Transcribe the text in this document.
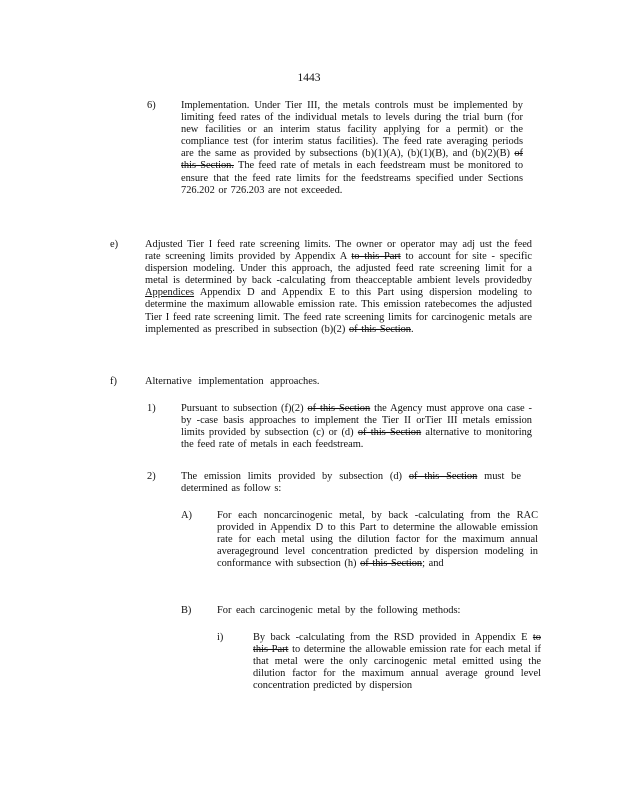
1443
6) Implementation. Under Tier III, the metals controls must be implemented by limiting feed rates of the individual metals to levels during the trial burn (for new facilities or an interim status facility applying for a permit) or the compliance test (for interim status facilities). The feed rate averaging periods are the same as provided by subsections (b)(1)(A), (b)(1)(B), and (b)(2)(B) of this Section. The feed rate of metals in each feedstream must be monitored to ensure that the feed rate limits for the feedstreams specified under Sections 726.202 or 726.203 are not exceeded.

e)	Adjusted Tier I feed rate screening limits. The owner or operator may adj ust the feed rate screening limits provided by Appendix A to this Part to account for site - specific dispersion modeling. Under this approach, the adjusted feed rate screening limit for a metal is determined by back -calculating from theacceptable ambient levels providedby Appendices Appendix D and Appendix E to this Part using dispersion modeling to determine the maximum allowable emission rate. This emission ratebecomes the adjusted Tier I feed rate screening limit. The feed rate screening limits for carcinogenic metals are implemented as prescribed in subsection (b)(2) of this Section.

f)	Alternative implementation approaches.

1) Pursuant to subsection (f)(2) of this Section the Agency must approve ona case -by -case basis approaches to implement the Tier II orTier III metals emission limits provided by subsection (c) or (d) of this Section alternative to monitoring the feed rate of metals in each feedstream.

2) The emission limits provided by subsection (d) of this Section must be determined as follow s:

A) For each noncarcinogenic metal, by back -calculating from the RAC provided in Appendix D to this Part to determine the allowable emission rate for each metal using the dilution factor for the maximum annual averageground level concentration predicted by dispersion modeling in conformance with subsection (h) of this Section; and

B) For each carcinogenic metal by the following methods:

i)	By back -calculating from the RSD provided in Appendix E to this Part to determine the allowable emission rate for each metal if that metal were the only carcinogenic metal emitted using the dilution factor for the maximum annual average ground level concentration predicted by dispersion
